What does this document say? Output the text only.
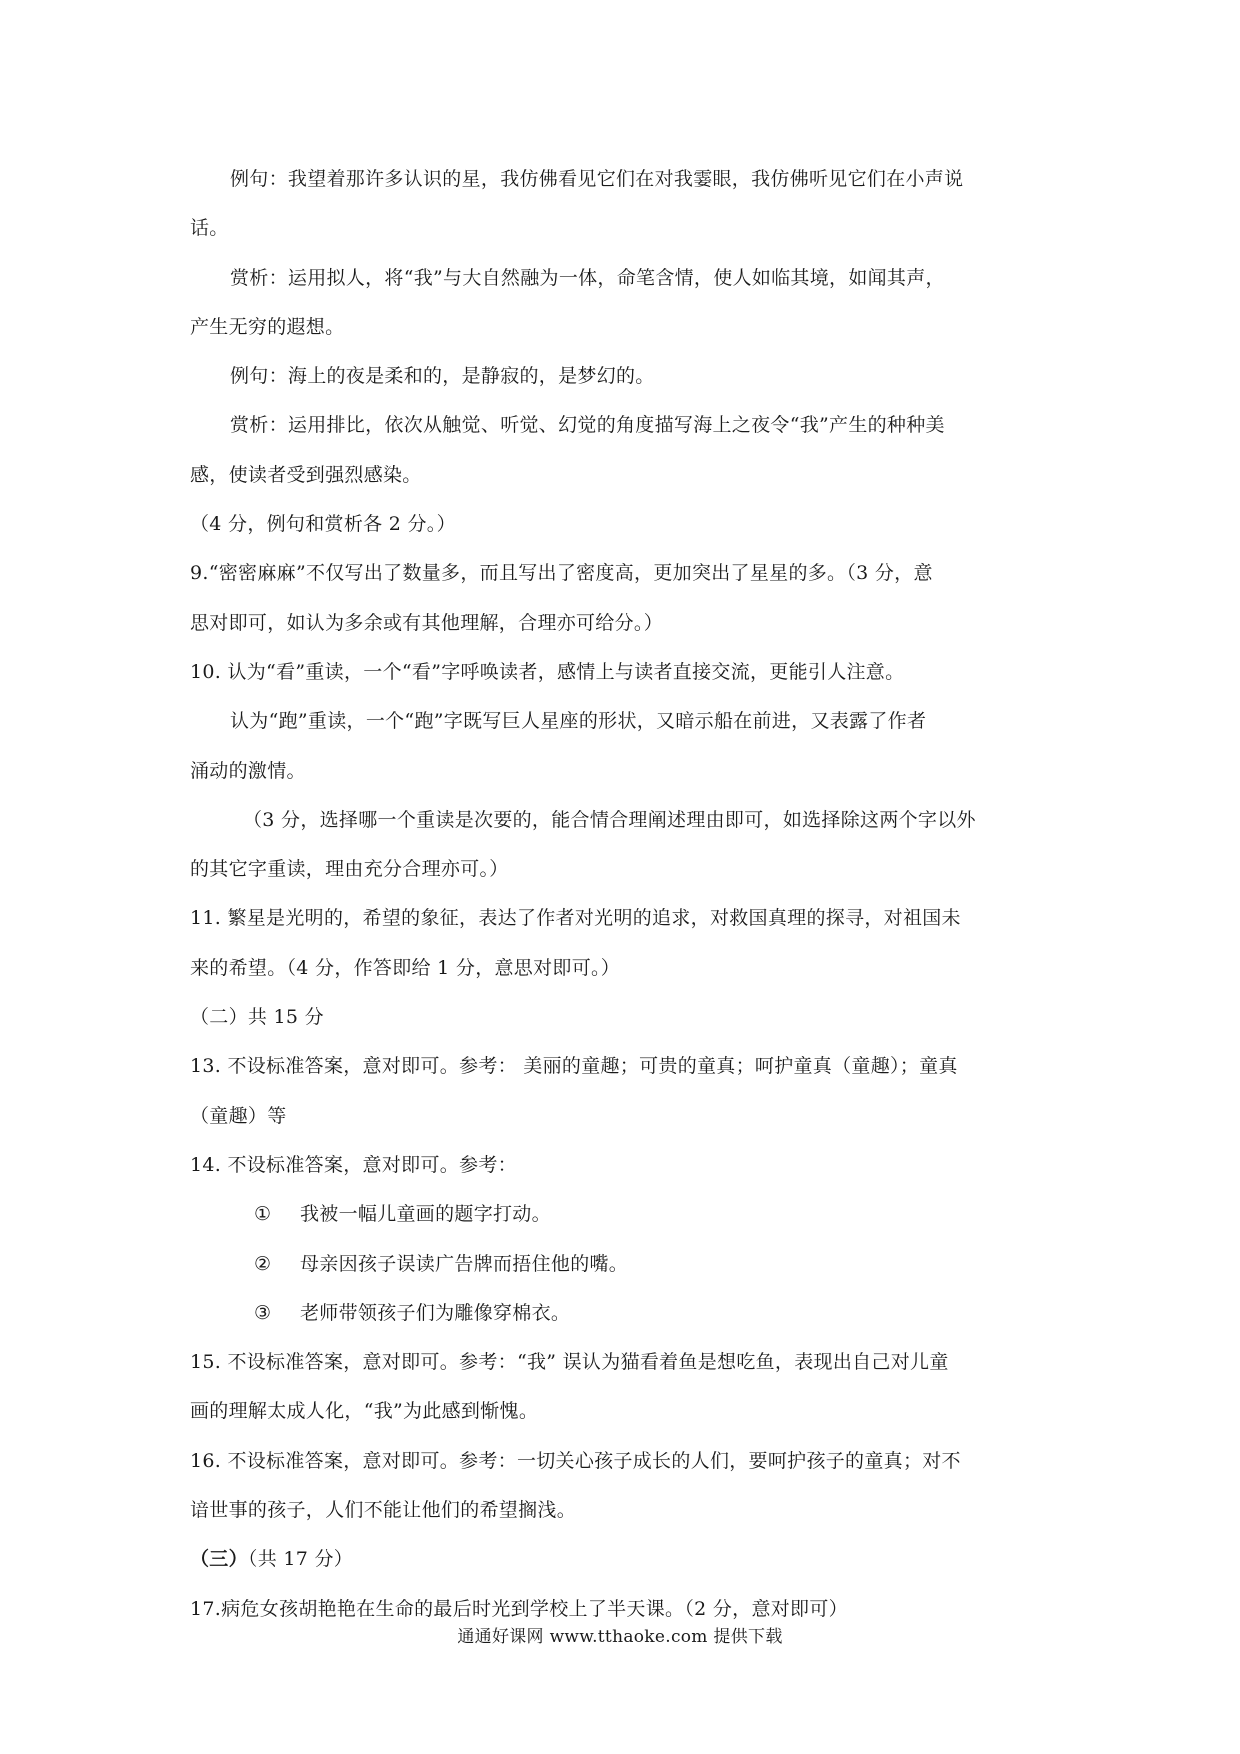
例句：我望着那许多认识的星，我仿佛看见它们在对我霎眼，我仿佛听见它们在小声说
话。
赏析：运用拟人，将“我”与大自然融为一体，命笔含情，使人如临其境，如闻其声，
产生无穷的遐想。
例句：海上的夜是柔和的，是静寂的，是梦幻的。
赏析：运用排比，依次从触觉、听觉、幻觉的角度描写海上之夜令“我”产生的种种美
感，使读者受到强烈感染。
（4 分，例句和赏析各 2 分。）
9.“密密麻麻”不仅写出了数量多，而且写出了密度高，更加突出了星星的多。（3 分，意
思对即可，如认为多余或有其他理解，合理亦可给分。）
10. 认为“看”重读，一个“看”字呼唤读者，感情上与读者直接交流，更能引人注意。
认为“跑”重读，一个“跑”字既写巨人星座的形状，又暗示船在前进，又表露了作者
涌动的激情。
（3 分，选择哪一个重读是次要的，能合情合理阐述理由即可，如选择除这两个字以外
的其它字重读，理由充分合理亦可。）
11. 繁星是光明的，希望的象征，表达了作者对光明的追求，对救国真理的探寻，对祖国未
来的希望。（4 分，作答即给 1 分，意思对即可。）
（二）共 15 分
13. 不设标准答案，意对即可。参考： 美丽的童趣；可贵的童真；呵护童真（童趣）；童真
（童趣）等
14. 不设标准答案，意对即可。参考：
① 我被一幅儿童画的题字打动。
② 母亲因孩子误读广告牌而捂住他的嘴。
③ 老师带领孩子们为雕像穿棉衣。
15. 不设标准答案，意对即可。参考：“我” 误认为猫看着鱼是想吃鱼，表现出自己对儿童
画的理解太成人化，“我”为此感到惭愧。
16. 不设标准答案，意对即可。参考：一切关心孩子成长的人们，要呵护孩子的童真；对不
谙世事的孩子，人们不能让他们的希望搁浅。
（三）（共 17 分）
17.病危女孩胡艳艳在生命的最后时光到学校上了半天课。（2 分，意对即可）
通通好课网 www.tthaoke.com 提供下载
